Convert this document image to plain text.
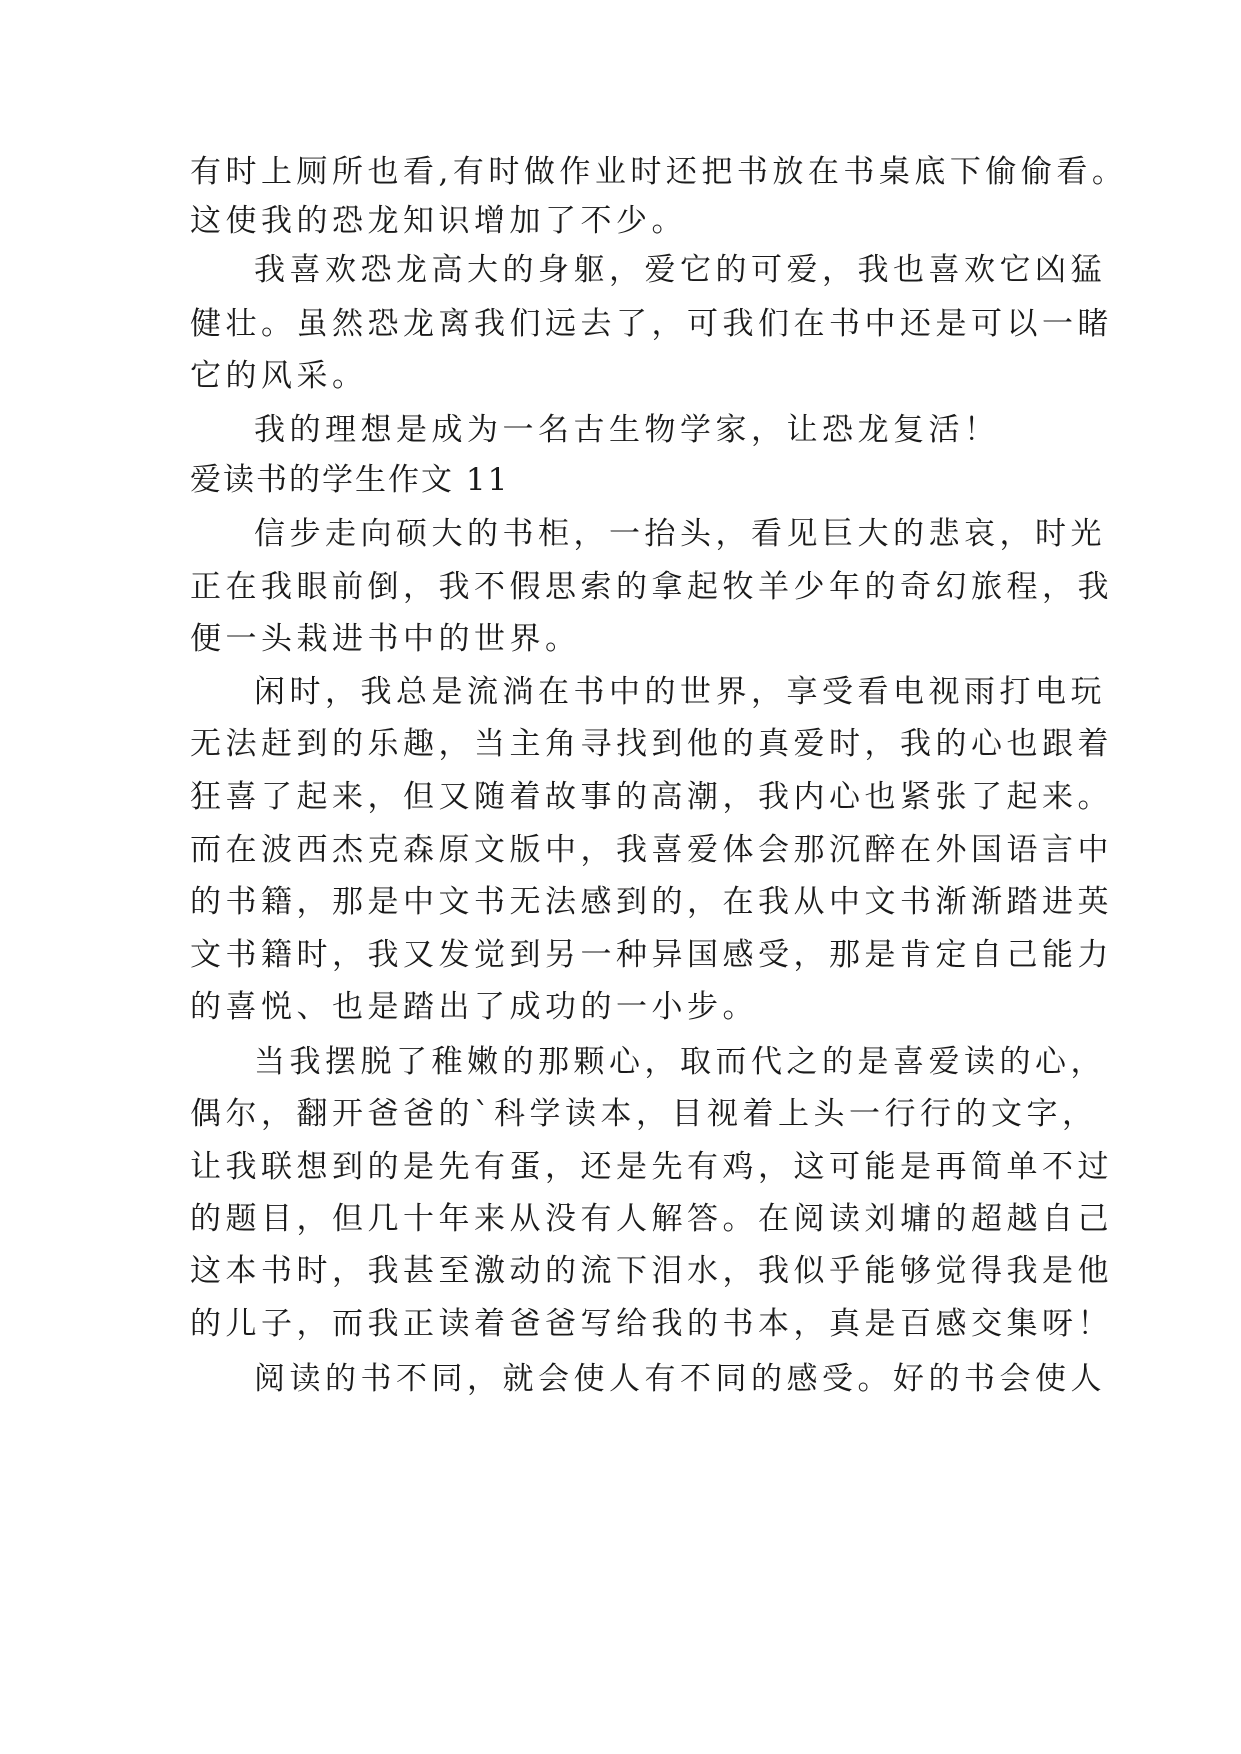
有时上厕所也看,有时做作业时还把书放在书桌底下偷偷看。
这使我的恐龙知识增加了不少。
我喜欢恐龙高大的身躯，爱它的可爱，我也喜欢它凶猛
健壮。虽然恐龙离我们远去了，可我们在书中还是可以一睹
它的风采。
我的理想是成为一名古生物学家，让恐龙复活！
爱读书的学生作文 11
信步走向硕大的书柜，一抬头，看见巨大的悲哀，时光
正在我眼前倒，我不假思索的拿起牧羊少年的奇幻旅程，我
便一头栽进书中的世界。
闲时，我总是流淌在书中的世界，享受看电视雨打电玩
无法赶到的乐趣，当主角寻找到他的真爱时，我的心也跟着
狂喜了起来，但又随着故事的高潮，我内心也紧张了起来。
而在波西杰克森原文版中，我喜爱体会那沉醉在外国语言中
的书籍，那是中文书无法感到的，在我从中文书渐渐踏进英
文书籍时，我又发觉到另一种异国感受，那是肯定自己能力
的喜悦、也是踏出了成功的一小步。
当我摆脱了稚嫩的那颗心，取而代之的是喜爱读的心，
偶尔，翻开爸爸的`科学读本，目视着上头一行行的文字，
让我联想到的是先有蛋，还是先有鸡，这可能是再简单不过
的题目，但几十年来从没有人解答。在阅读刘墉的超越自己
这本书时，我甚至激动的流下泪水，我似乎能够觉得我是他
的儿子，而我正读着爸爸写给我的书本，真是百感交集呀！
阅读的书不同，就会使人有不同的感受。好的书会使人
